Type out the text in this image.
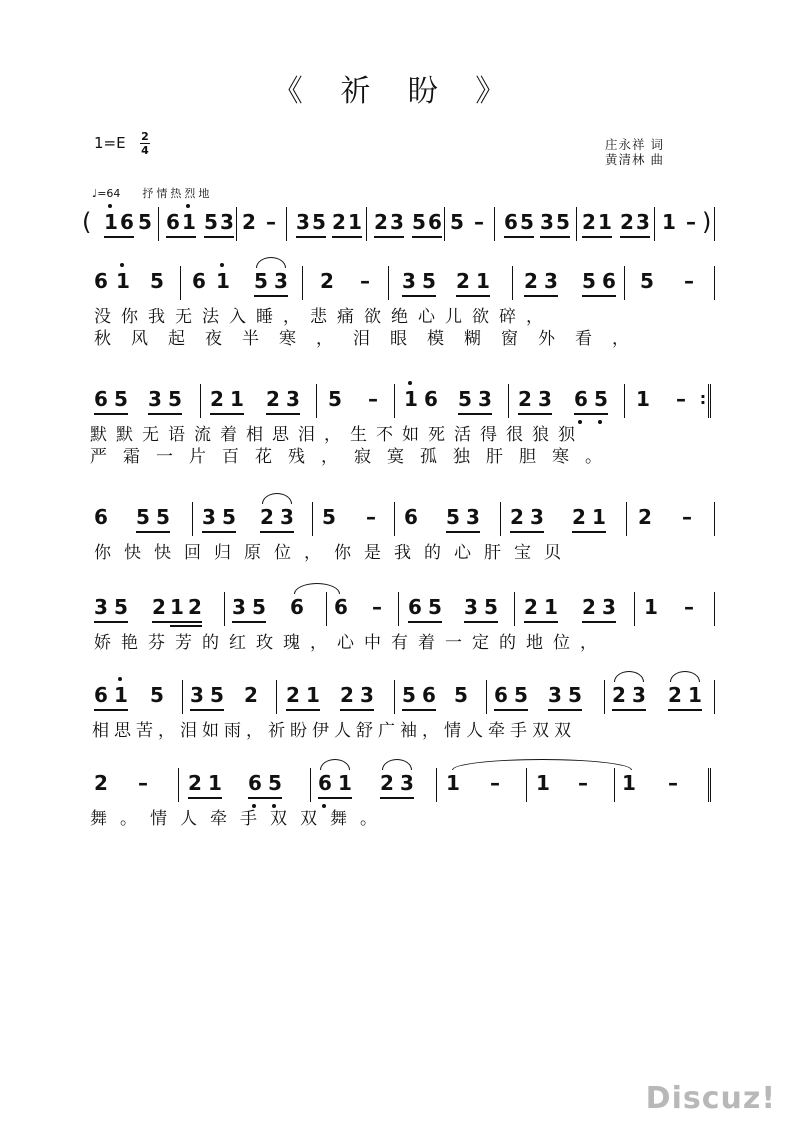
《 祈 盼 》
1=E 2
4	庄永祥 词
黄清林 曲
♩=64 抒情热烈地
( 1 6 5 6 1 5 3 2 – 3 5 2 1 2 3 5 6 5 – 6 5 3 5 2 1 2 3 1 – )
6 1 5 6 1 5 3 2 – 3 5 2 1 2 3 5 6 5 –
没你我无法入睡，悲痛欲绝心儿欲碎，
秋风起夜半寒，泪眼模糊窗外看，
6 5 3 5 2 1 2 3 5 – 1 6 5 3 2 3 6 5 1 – :
默默无语流着相思泪，生不如死活得很狼狈
严霜一片百花残，寂寞孤独肝胆寒。
6 5 5 3 5 2 3 5 – 6 5 3 2 3 2 1 2 –
你快快回归原位，你是我的心肝宝贝
3 5 2 1 2 3 5 6 6 – 6 5 3 5 2 1 2 3 1 –
娇艳芬芳的红玫瑰，心中有着一定的地位，
6 1 5 3 5 2 2 1 2 3 5 6 5 6 5 3 5 2 3 2 1
相思苦，泪如雨，祈盼伊人舒广袖，情人牵手双双
2 – 2 1 6 5 6 1 2 3 1 – 1 – 1 –
舞。情人牵手双双舞。
Discuz!
